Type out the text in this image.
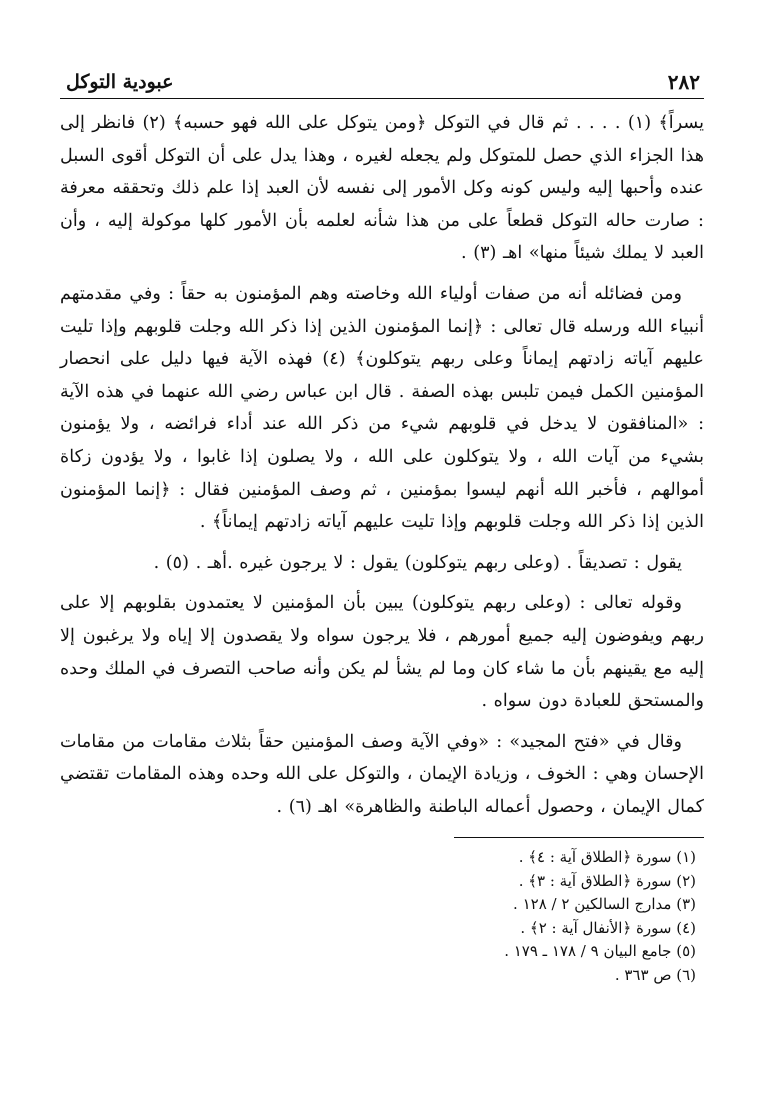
٢٨٢
عبودية التوكل

يسراً﴾ (١) . . . . ثم قال في التوكل ﴿ومن يتوكل على الله فهو حسبه﴾ (٢) فانظر إلى هذا الجزاء الذي حصل للمتوكل ولم يجعله لغيره ، وهذا يدل على أن التوكل أقوى السبل عنده وأحبها إليه وليس كونه وكل الأمور إلى نفسه لأن العبد إذا علم ذلك وتحققه معرفة : صارت حاله التوكل قطعاً على من هذا شأنه لعلمه بأن الأمور كلها موكولة إليه ، وأن العبد لا يملك شيئاً منها» اهـ (٣) .

ومن فضائله أنه من صفات أولياء الله وخاصته وهم المؤمنون به حقاً : وفي مقدمتهم أنبياء الله ورسله قال تعالى : ﴿إنما المؤمنون الذين إذا ذكر الله وجلت قلوبهم وإذا تليت عليهم آياته زادتهم إيماناً وعلى ربهم يتوكلون﴾ (٤) فهذه الآية فيها دليل على انحصار المؤمنين الكمل فيمن تلبس بهذه الصفة . قال ابن عباس رضي الله عنهما في هذه الآية : «المنافقون لا يدخل في قلوبهم شيء من ذكر الله عند أداء فرائضه ، ولا يؤمنون بشيء من آيات الله ، ولا يتوكلون على الله ، ولا يصلون إذا غابوا ، ولا يؤدون زكاة أموالهم ، فأخبر الله أنهم ليسوا بمؤمنين ، ثم وصف المؤمنين فقال : ﴿إنما المؤمنون الذين إذا ذكر الله وجلت قلوبهم وإذا تليت عليهم آياته زادتهم إيماناً﴾ .

يقول : تصديقاً . (وعلى ربهم يتوكلون) يقول : لا يرجون غيره .أهـ . (٥) .

وقوله تعالى : (وعلى ربهم يتوكلون) يبين بأن المؤمنين لا يعتمدون بقلوبهم إلا على ربهم ويفوضون إليه جميع أمورهم ، فلا يرجون سواه ولا يقصدون إلا إياه ولا يرغبون إلا إليه مع يقينهم بأن ما شاء كان وما لم يشأ لم يكن وأنه صاحب التصرف في الملك وحده والمستحق للعبادة دون سواه .

وقال في «فتح المجيد» : «وفي الآية وصف المؤمنين حقاً بثلاث مقامات من مقامات الإحسان وهي : الخوف ، وزيادة الإيمان ، والتوكل على الله وحده وهذه المقامات تقتضي كمال الإيمان ، وحصول أعماله الباطنة والظاهرة» اهـ (٦) .

(١) سورة ﴿الطلاق آية : ٤﴾ .
(٢) سورة ﴿الطلاق آية : ٣﴾ .
(٣) مدارج السالكين ٢ / ١٢٨ .
(٤) سورة ﴿الأنفال آية : ٢﴾ .
(٥) جامع البيان ٩ / ١٧٨ ـ ١٧٩ .
(٦) ص ٣٦٣ .
